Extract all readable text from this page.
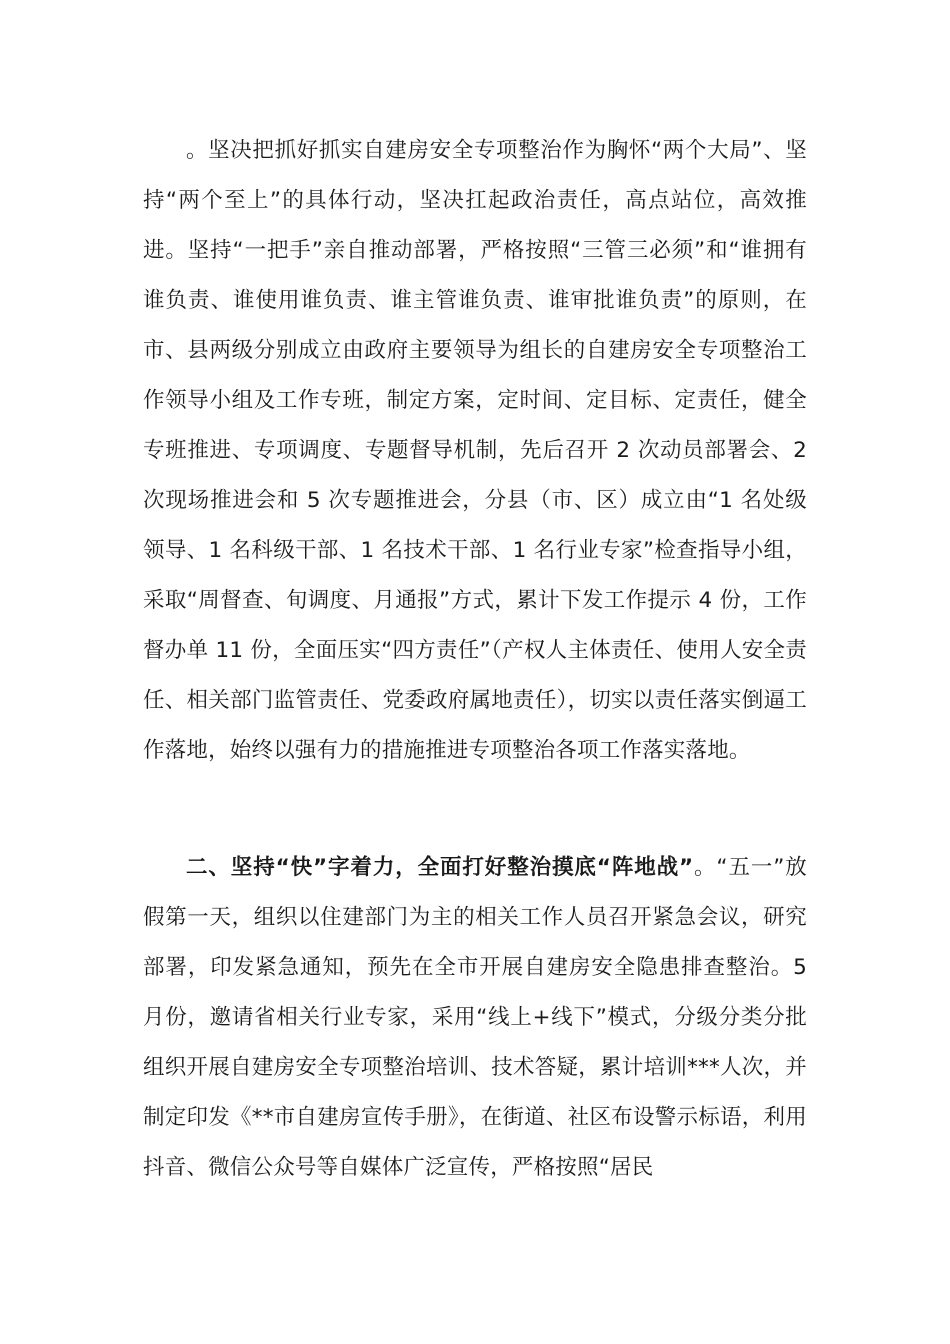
。坚决把抓好抓实自建房安全专项整治作为胸怀“两个大局”、坚持“两个至上”的具体行动，坚决扛起政治责任，高点站位，高效推进。坚持“一把手”亲自推动部署，严格按照“三管三必须”和“谁拥有谁负责、谁使用谁负责、谁主管谁负责、谁审批谁负责”的原则，在市、县两级分别成立由政府主要领导为组长的自建房安全专项整治工作领导小组及工作专班，制定方案，定时间、定目标、定责任，健全专班推进、专项调度、专题督导机制，先后召开 2 次动员部署会、2 次现场推进会和 5 次专题推进会，分县（市、区）成立由“1 名处级领导、1 名科级干部、1 名技术干部、1 名行业专家”检查指导小组，采取“周督查、旬调度、月通报”方式，累计下发工作提示 4 份，工作督办单 11 份，全面压实“四方责任”（产权人主体责任、使用人安全责任、相关部门监管责任、党委政府属地责任），切实以责任落实倒逼工作落地，始终以强有力的措施推进专项整治各项工作落实落地。

二、坚持“快”字着力，全面打好整治摸底“阵地战”。“五一”放假第一天，组织以住建部门为主的相关工作人员召开紧急会议，研究部署，印发紧急通知，预先在全市开展自建房安全隐患排查整治。5 月份，邀请省相关行业专家，采用“线上+线下”模式，分级分类分批组织开展自建房安全专项整治培训、技术答疑，累计培训***人次，并制定印发《**市自建房宣传手册》，在街道、社区布设警示标语，利用抖音、微信公众号等自媒体广泛宣传，严格按照“居民
